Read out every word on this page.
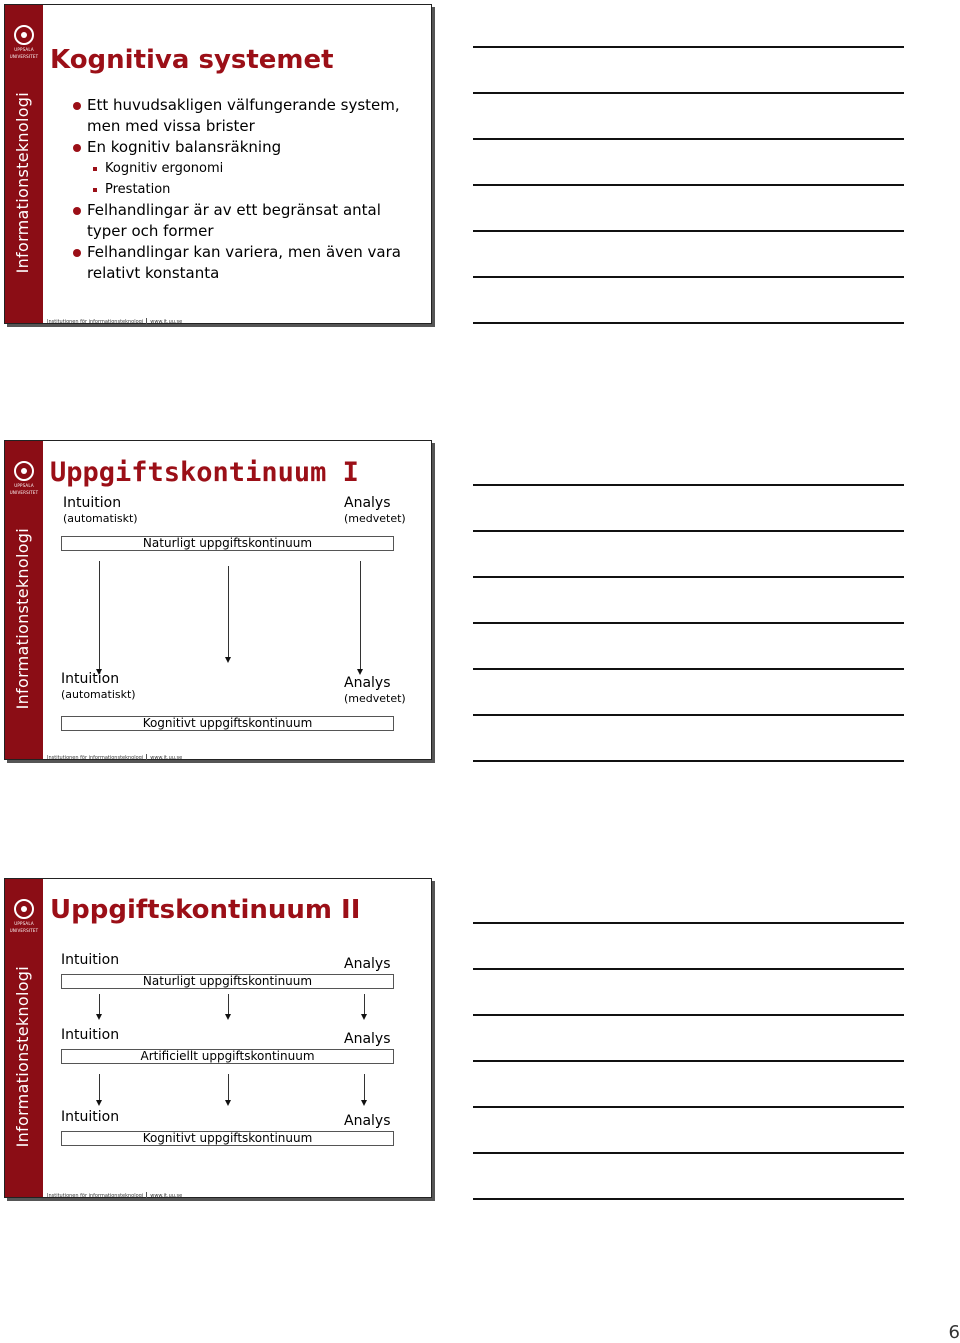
UPPSALA
UNIVERSITET
Informationsteknologi
Kognitiva systemet
Ett huvudsakligen välfungerande system, men med vissa brister
En kognitiv balansräkning
Kognitiv ergonomi
Prestation
Felhandlingar är av ett begränsat antal typer och former
Felhandlingar kan variera, men även vara relativt konstanta
Institutionen för informationsteknologi www.it.uu.se
UPPSALA
UNIVERSITET
Informationsteknologi
Uppgiftskontinuum I
Intuition
(automatiskt)
Analys
(medvetet)
Naturligt uppgiftskontinuum
Intuition
(automatiskt)
Analys
(medvetet)
Kognitivt uppgiftskontinuum
Institutionen för informationsteknologi www.it.uu.se
UPPSALA
UNIVERSITET
Informationsteknologi
Uppgiftskontinuum II
Intuition	Analys
Naturligt uppgiftskontinuum
Intuition	Analys
Artificiellt uppgiftskontinuum
Intuition	Analys
Kognitivt uppgiftskontinuum
Institutionen för informationsteknologi www.it.uu.se
6
